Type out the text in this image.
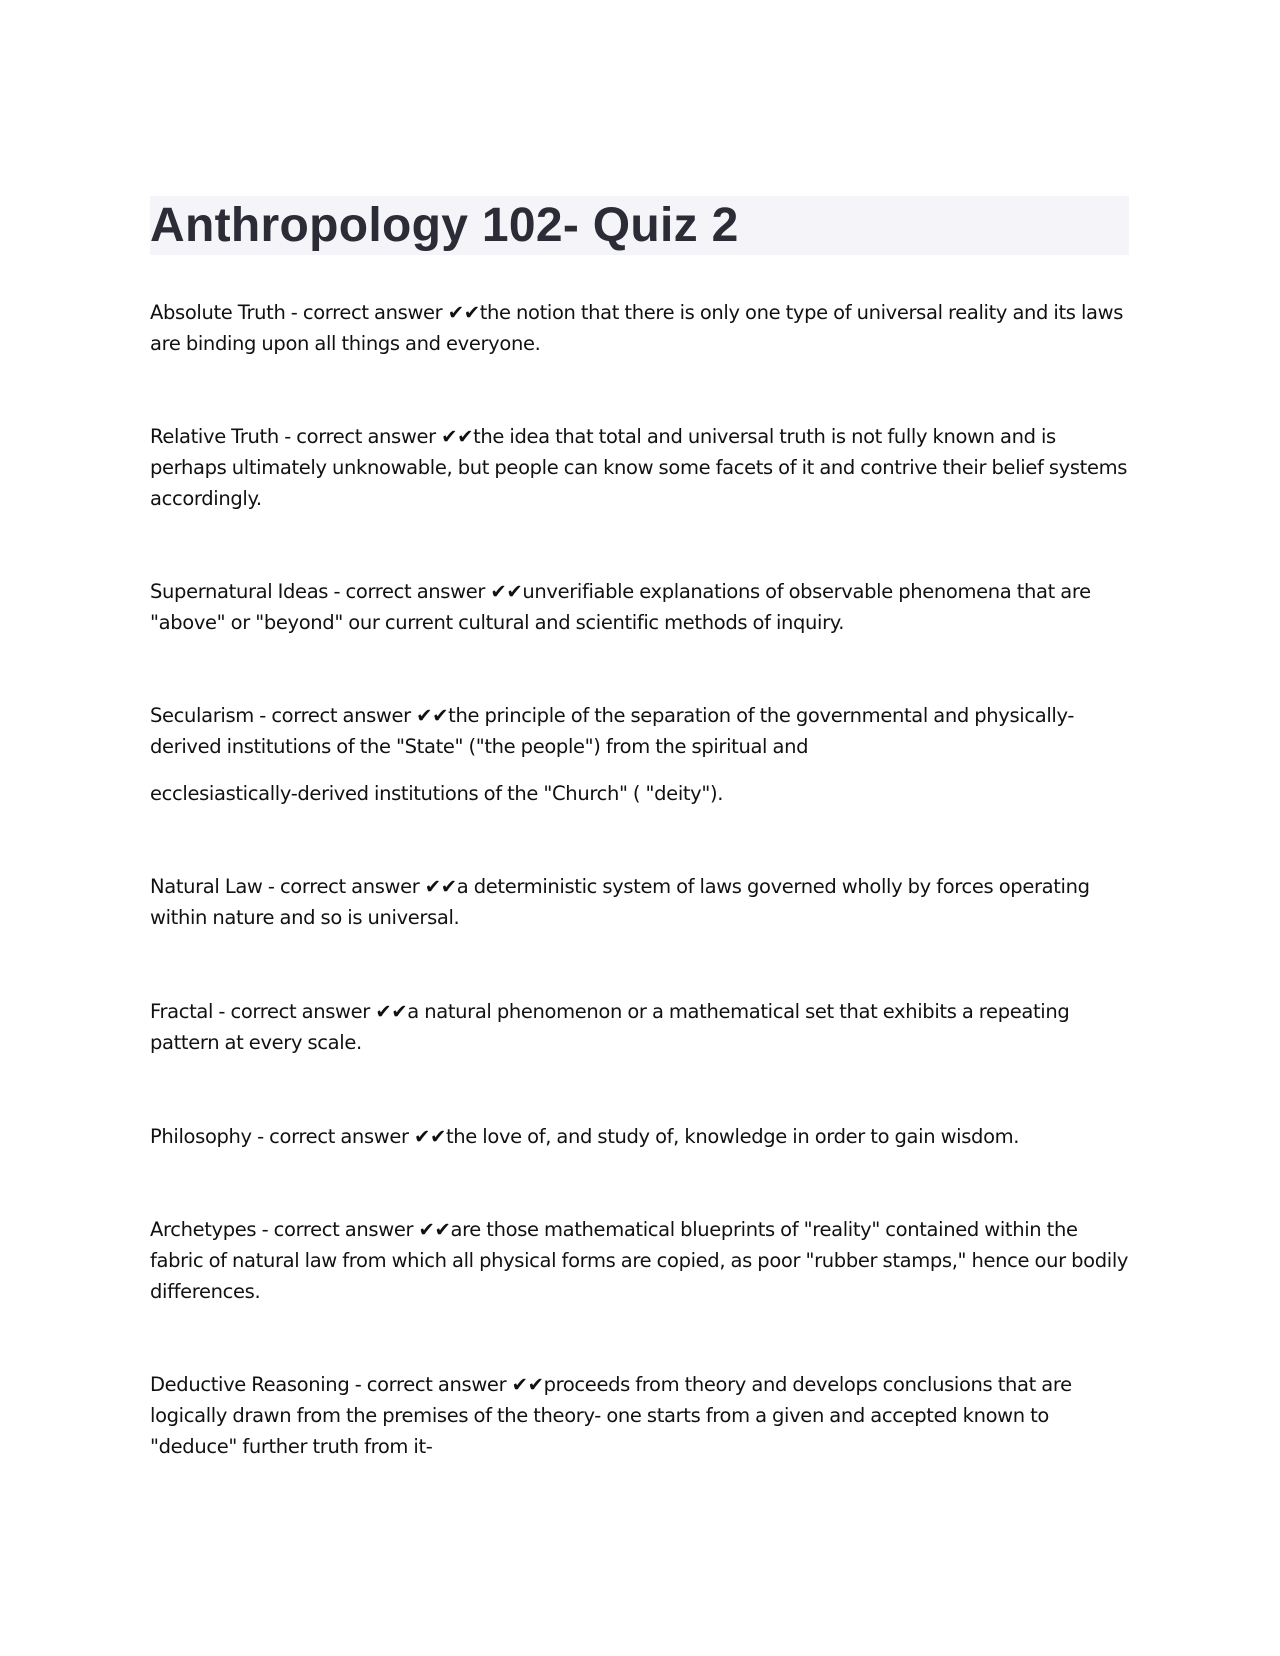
Anthropology 102- Quiz 2

Absolute Truth - correct answer ✔✔the notion that there is only one type of universal reality and its laws are binding upon all things and everyone.

Relative Truth - correct answer ✔✔the idea that total and universal truth is not fully known and is perhaps ultimately unknowable, but people can know some facets of it and contrive their belief systems accordingly.

Supernatural Ideas - correct answer ✔✔unverifiable explanations of observable phenomena that are "above" or "beyond" our current cultural and scientific methods of inquiry.

Secularism - correct answer ✔✔the principle of the separation of the governmental and physically-derived institutions of the "State" ("the people") from the spiritual and
ecclesiastically-derived institutions of the "Church" ( "deity").

Natural Law - correct answer ✔✔a deterministic system of laws governed wholly by forces operating within nature and so is universal.

Fractal - correct answer ✔✔a natural phenomenon or a mathematical set that exhibits a repeating pattern at every scale.

Philosophy - correct answer ✔✔the love of, and study of, knowledge in order to gain wisdom.

Archetypes - correct answer ✔✔are those mathematical blueprints of "reality" contained within the fabric of natural law from which all physical forms are copied, as poor "rubber stamps," hence our bodily differences.

Deductive Reasoning - correct answer ✔✔proceeds from theory and develops conclusions that are logically drawn from the premises of the theory- one starts from a given and accepted known to "deduce" further truth from it-
